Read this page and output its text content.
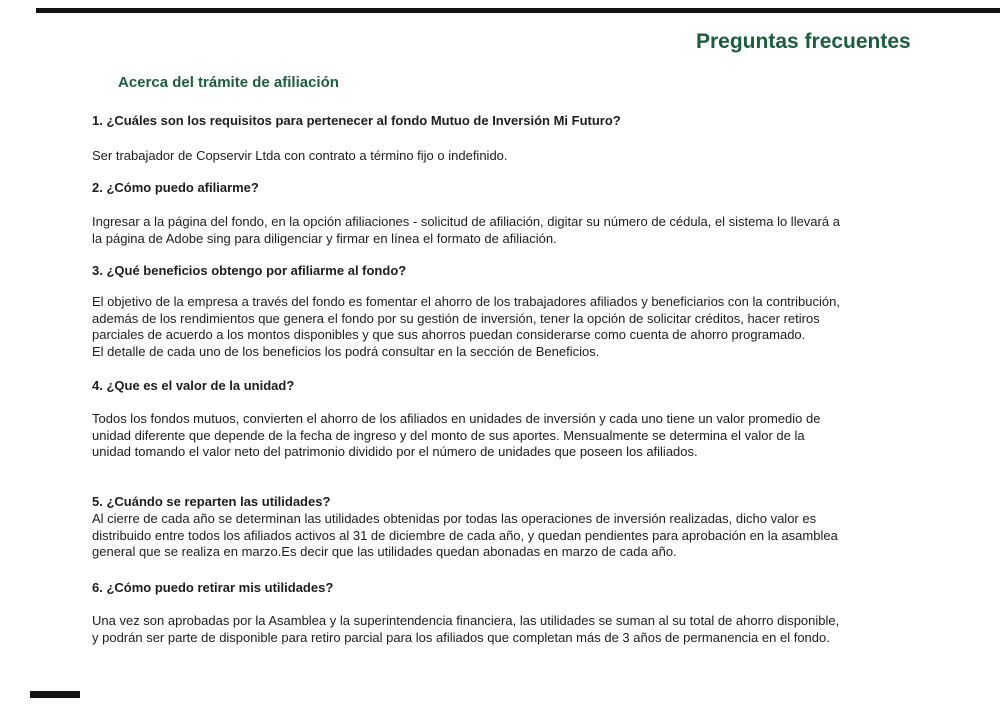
Preguntas frecuentes
Acerca del trámite de afiliación
1. ¿Cuáles son los requisitos para pertenecer al fondo Mutuo de Inversión Mi Futuro?
Ser trabajador de Copservir Ltda con contrato a término fijo o indefinido.
2. ¿Cómo puedo afiliarme?
Ingresar a la página del fondo, en la opción afiliaciones - solicitud de afiliación, digitar su número de cédula, el sistema lo llevará a
la página de Adobe sing para diligenciar y firmar en línea el formato de afiliación.
3. ¿Qué beneficios obtengo por afiliarme al fondo?
El objetivo de la empresa a través del fondo es fomentar el ahorro de los trabajadores afiliados y beneficiarios con la contribución,
además de los rendimientos que genera el fondo por su gestión de inversión, tener la opción de solicitar créditos, hacer retiros
parciales de acuerdo a los montos disponibles y que sus ahorros puedan considerarse como cuenta de ahorro programado.
El detalle de cada uno de los beneficios los podrá consultar en la sección de Beneficios.
4. ¿Que es el valor de la unidad?
Todos los fondos mutuos, convierten el ahorro de los afiliados en unidades de inversión y cada uno tiene un valor promedio de
unidad diferente que depende de la fecha de ingreso y del monto de sus aportes. Mensualmente se determina el valor de la
unidad tomando el valor neto del patrimonio dividido por el número de unidades que poseen los afiliados.
5. ¿Cuándo se reparten las utilidades?
Al cierre de cada año se determinan las utilidades obtenidas por todas las operaciones de inversión realizadas, dicho valor es
distribuido entre todos los afiliados activos al 31 de diciembre de cada año, y quedan pendientes para aprobación en la asamblea
general que se realiza en marzo.Es decir que las utilidades quedan abonadas en marzo de cada año.
6. ¿Cómo puedo retirar mis utilidades?
Una vez son aprobadas por la Asamblea y la superintendencia financiera, las utilidades se suman al su total de ahorro disponible,
y podrán ser parte de disponible para retiro parcial para los afiliados que completan más de 3 años de permanencia en el fondo.
